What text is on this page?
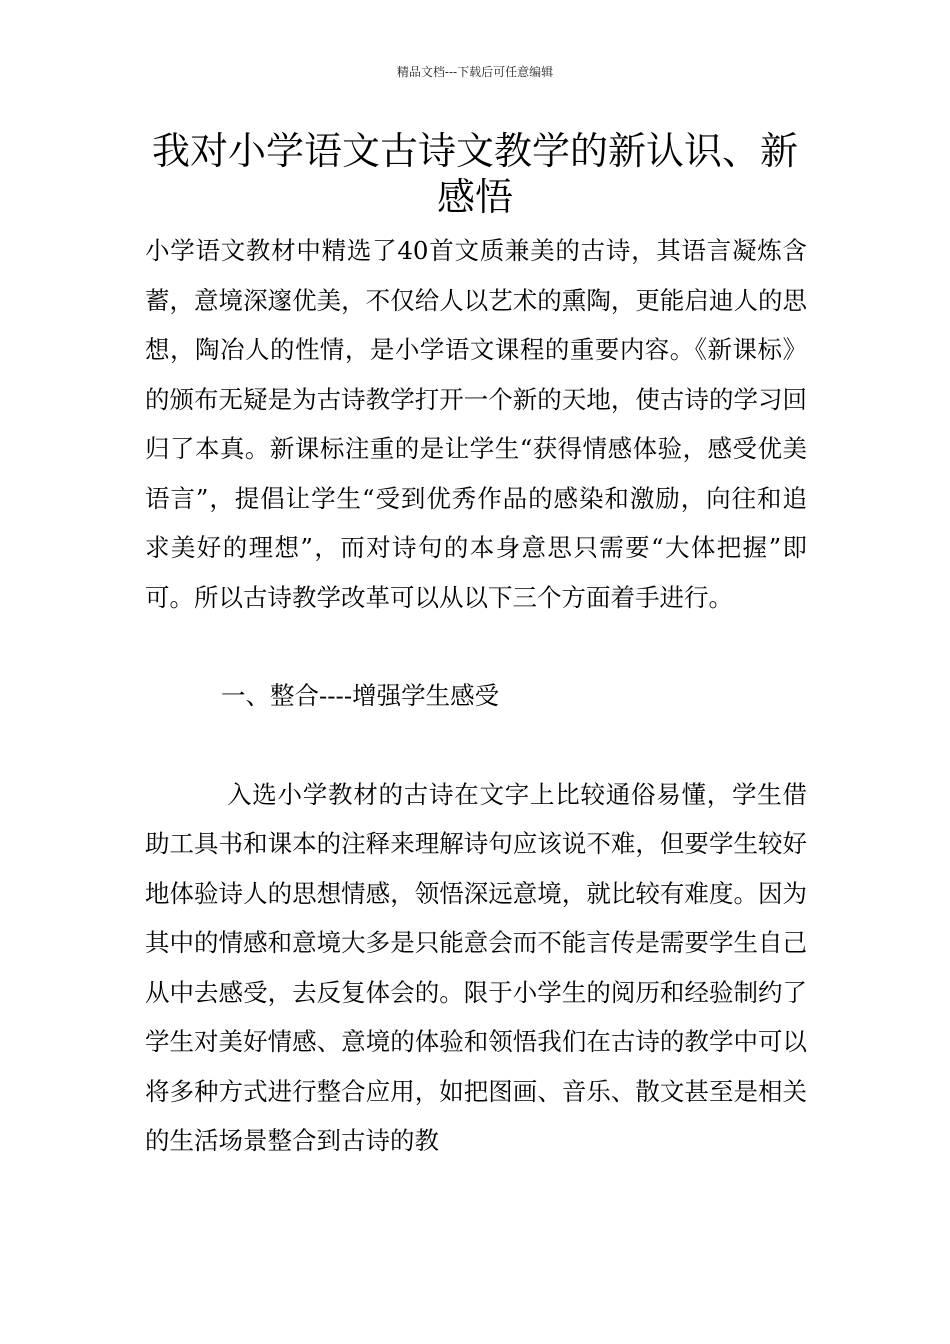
精品文档---下载后可任意编辑
我对小学语文古诗文教学的新认识、新感悟

小学语文教材中精选了40首文质兼美的古诗，其语言凝炼含蓄，意境深邃优美，不仅给人以艺术的熏陶，更能启迪人的思想，陶冶人的性情，是小学语文课程的重要内容。《新课标》的颁布无疑是为古诗教学打开一个新的天地，使古诗的学习回归了本真。新课标注重的是让学生“获得情感体验，感受优美语言”，提倡让学生“受到优秀作品的感染和激励，向往和追求美好的理想”，而对诗句的本身意思只需要“大体把握”即可。所以古诗教学改革可以从以下三个方面着手进行。

一、整合----增强学生感受

入选小学教材的古诗在文字上比较通俗易懂，学生借助工具书和课本的注释来理解诗句应该说不难，但要学生较好地体验诗人的思想情感，领悟深远意境，就比较有难度。因为其中的情感和意境大多是只能意会而不能言传是需要学生自己从中去感受，去反复体会的。限于小学生的阅历和经验制约了学生对美好情感、意境的体验和领悟我们在古诗的教学中可以将多种方式进行整合应用，如把图画、音乐、散文甚至是相关的生活场景整合到古诗的教
